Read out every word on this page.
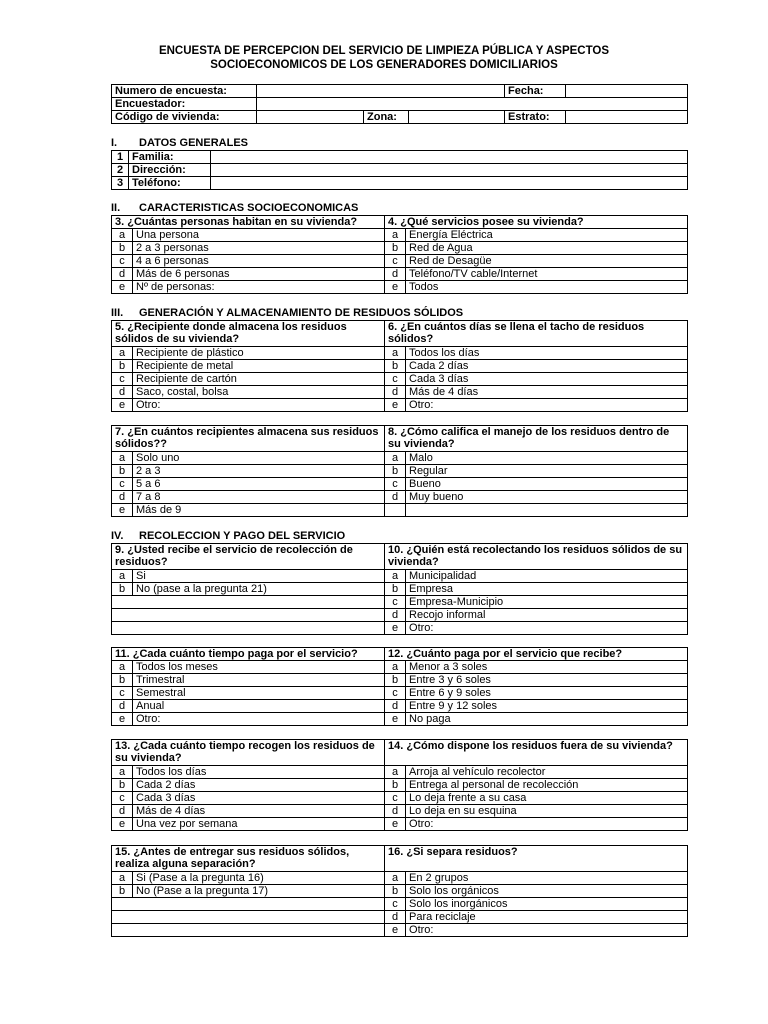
ENCUESTA DE PERCEPCION DEL SERVICIO DE LIMPIEZA PÚBLICA Y ASPECTOS
SOCIOECONOMICOS DE LOS GENERADORES DOMICILIARIOS
Numero de encuesta:				Fecha:	
Encuestador:					
Código de vivienda:		Zona:		Estrato:	
I. DATOS GENERALES
1	Familia:	
2	Dirección:	
3	Teléfono:	
II. CARACTERISTICAS SOCIOECONOMICAS
3. ¿Cuántas personas habitan en su vivienda?		4. ¿Qué servicios posee su vivienda?	
a	Una persona	a	Energía Eléctrica
b	2 a 3 personas	b	Red de Agua
c	4 a 6 personas	c	Red de Desagüe
d	Más de 6 personas	d	Teléfono/TV cable/Internet
e	Nº de personas:	e	Todos
III. GENERACIÓN Y ALMACENAMIENTO DE RESIDUOS SÓLIDOS
5. ¿Recipiente donde almacena los residuos sólidos de su vivienda?		6. ¿En cuántos días se llena el tacho de residuos sólidos?	
a	Recipiente de plástico	a	Todos los días
b	Recipiente de metal	b	Cada 2 días
c	Recipiente de cartón	c	Cada 3 días
d	Saco, costal, bolsa	d	Más de 4 días
e	Otro:	e	Otro:
7. ¿En cuántos recipientes almacena sus residuos sólidos??		8. ¿Cómo califica el manejo de los residuos dentro de su vivienda?	
a	Solo uno	a	Malo
b	2 a 3	b	Regular
c	5 a 6	c	Bueno
d	7 a 8	d	Muy bueno
e	Más de 9		
IV. RECOLECCION Y PAGO DEL SERVICIO
9. ¿Usted recibe el servicio de recolección de residuos?		10. ¿Quién está recolectando los residuos sólidos de su vivienda?	
a	Si	a	Municipalidad
b	No (pase a la pregunta 21)	b	Empresa
		c	Empresa-Municipio
		d	Recojo informal
		e	Otro:
11. ¿Cada cuánto tiempo paga por el servicio?		12. ¿Cuánto paga por el servicio que recibe?	
a	Todos los meses	a	Menor a 3 soles
b	Trimestral	b	Entre 3 y 6 soles
c	Semestral	c	Entre 6 y 9 soles
d	Anual	d	Entre 9 y 12 soles
e	Otro:	e	No paga
13. ¿Cada cuánto tiempo recogen los residuos de su vivienda?		14. ¿Cómo dispone los residuos fuera de su vivienda?	
a	Todos los días	a	Arroja al vehículo recolector
b	Cada 2 días	b	Entrega al personal de recolección
c	Cada 3 días	c	Lo deja frente a su casa
d	Más de 4 días	d	Lo deja en su esquina
e	Una vez por semana	e	Otro:
15. ¿Antes de entregar sus residuos sólidos, realiza alguna separación?		16. ¿Si separa residuos?	
a	Si (Pase a la pregunta 16)	a	En 2 grupos
b	No (Pase a la pregunta 17)	b	Solo los orgánicos
		c	Solo los inorgánicos
		d	Para reciclaje
		e	Otro:
